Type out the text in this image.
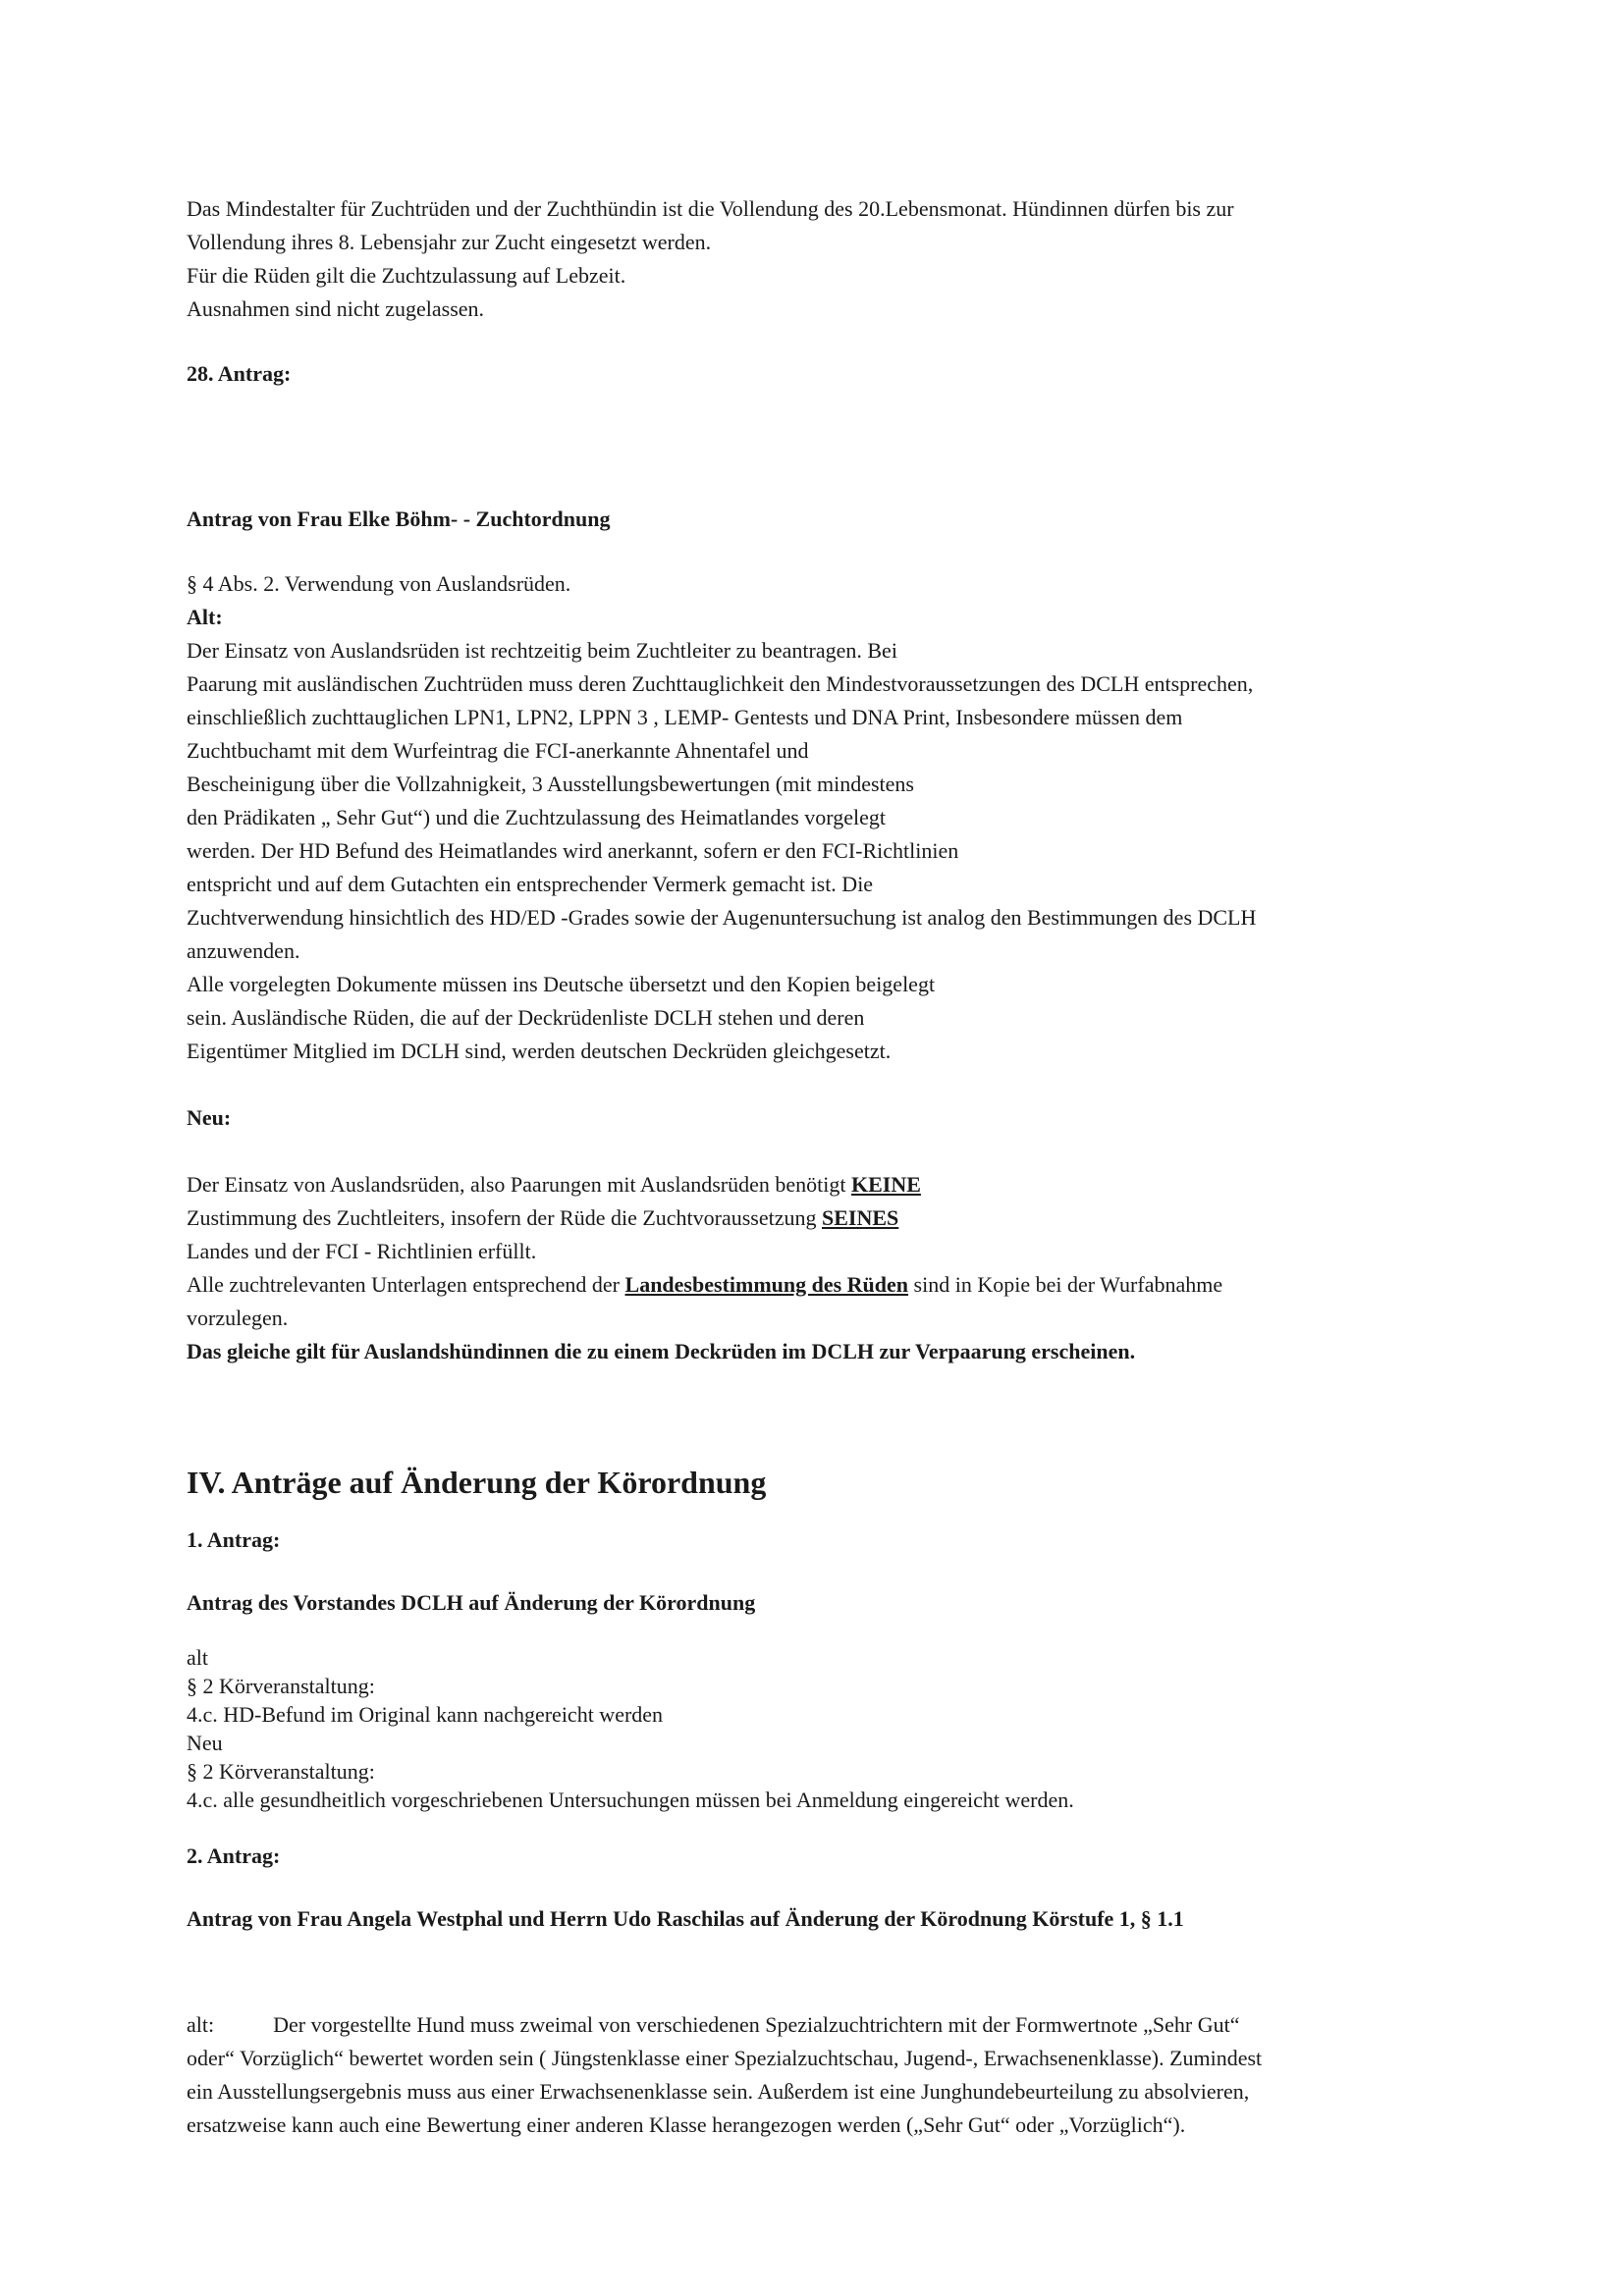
Das Mindestalter für Zuchtrüden und der Zuchthündin ist die Vollendung des 20.Lebensmonat. Hündinnen dürfen bis zur
Vollendung ihres 8. Lebensjahr zur Zucht eingesetzt werden.
Für die Rüden gilt die Zuchtzulassung auf Lebzeit.
Ausnahmen sind nicht zugelassen.

28. Antrag:

Antrag von Frau Elke Böhm- - Zuchtordnung

§ 4 Abs. 2. Verwendung von Auslandsrüden.

Alt:

Der Einsatz von Auslandsrüden ist rechtzeitig beim Zuchtleiter zu beantragen. Bei
Paarung mit ausländischen Zuchtrüden muss deren Zuchttauglichkeit den Mindestvoraussetzungen des DCLH entsprechen,
einschließlich zuchttauglichen LPN1, LPN2, LPPN 3 , LEMP- Gentests und DNA Print, Insbesondere müssen dem
Zuchtbuchamt mit dem Wurfeintrag die FCI-anerkannte Ahnentafel und
Bescheinigung über die Vollzahnigkeit, 3 Ausstellungsbewertungen (mit mindestens
den Prädikaten „ Sehr Gut“) und die Zuchtzulassung des Heimatlandes vorgelegt
werden. Der HD Befund des Heimatlandes wird anerkannt, sofern er den FCI-Richtlinien
entspricht und auf dem Gutachten ein entsprechender Vermerk gemacht ist. Die
Zuchtverwendung hinsichtlich des HD/ED -Grades sowie der Augenuntersuchung ist analog den Bestimmungen des DCLH
anzuwenden.
Alle vorgelegten Dokumente müssen ins Deutsche übersetzt und den Kopien beigelegt
sein. Ausländische Rüden, die auf der Deckrüdenliste DCLH stehen und deren
Eigentümer Mitglied im DCLH sind, werden deutschen Deckrüden gleichgesetzt.

Neu:

Der Einsatz von Auslandsrüden, also Paarungen mit Auslandsrüden benötigt KEINE
Zustimmung des Zuchtleiters, insofern der Rüde die Zuchtvoraussetzung SEINES
Landes und der FCI - Richtlinien erfüllt.
Alle zuchtrelevanten Unterlagen entsprechend der Landesbestimmung des Rüden sind in Kopie bei der Wurfabnahme
vorzulegen.
Das gleiche gilt für Auslandshündinnen die zu einem Deckrüden im DCLH zur Verpaarung erscheinen.

IV. Anträge auf Änderung der Körordnung

1. Antrag:

Antrag des Vorstandes DCLH auf Änderung der Körordnung

alt
§ 2 Körveranstaltung:
4.c. HD-Befund im Original kann nachgereicht werden
Neu
§ 2 Körveranstaltung:
4.c. alle gesundheitlich vorgeschriebenen Untersuchungen müssen bei Anmeldung eingereicht werden.

2. Antrag:

Antrag von Frau Angela Westphal und Herrn Udo Raschilas auf Änderung der Körodnung Körstufe 1, § 1.1

alt:	Der vorgestellte Hund muss zweimal von verschiedenen Spezialzuchtrichtern mit der Formwertnote „Sehr Gut“
oder“ Vorzüglich“ bewertet worden sein ( Jüngstenklasse einer Spezialzuchtschau, Jugend-, Erwachsenenklasse). Zumindest
ein Ausstellungsergebnis muss aus einer Erwachsenenklasse sein. Außerdem ist eine Junghundebeurteilung zu absolvieren,
ersatzweise kann auch eine Bewertung einer anderen Klasse herangezogen werden („Sehr Gut“ oder „Vorzüglich“).
